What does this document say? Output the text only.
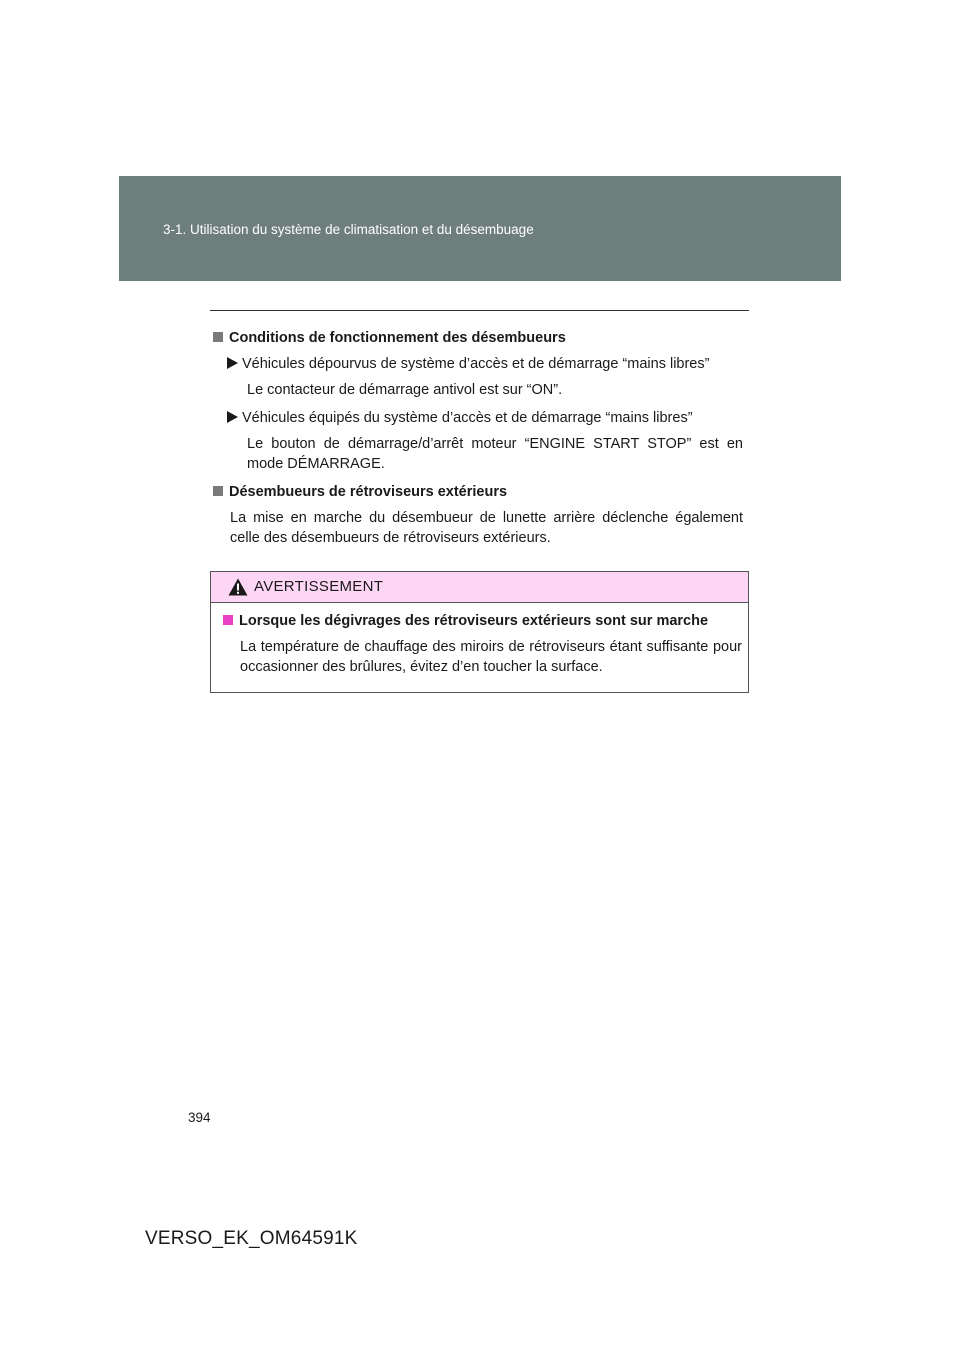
3-1. Utilisation du système de climatisation et du désembuage
Conditions de fonctionnement des désembueurs
Véhicules dépourvus de système d’accès et de démarrage “mains libres”
Le contacteur de démarrage antivol est sur “ON”.
Véhicules équipés du système d’accès et de démarrage “mains libres”
Le bouton de démarrage/d’arrêt moteur “ENGINE START STOP” est en mode DÉMARRAGE.
Désembueurs de rétroviseurs extérieurs
La mise en marche du désembueur de lunette arrière déclenche également celle des désembueurs de rétroviseurs extérieurs.
AVERTISSEMENT
Lorsque les dégivrages des rétroviseurs extérieurs sont sur marche
La température de chauffage des miroirs de rétroviseurs étant suffisante pour occasionner des brûlures, évitez d’en toucher la surface.
394
VERSO_EK_OM64591K
